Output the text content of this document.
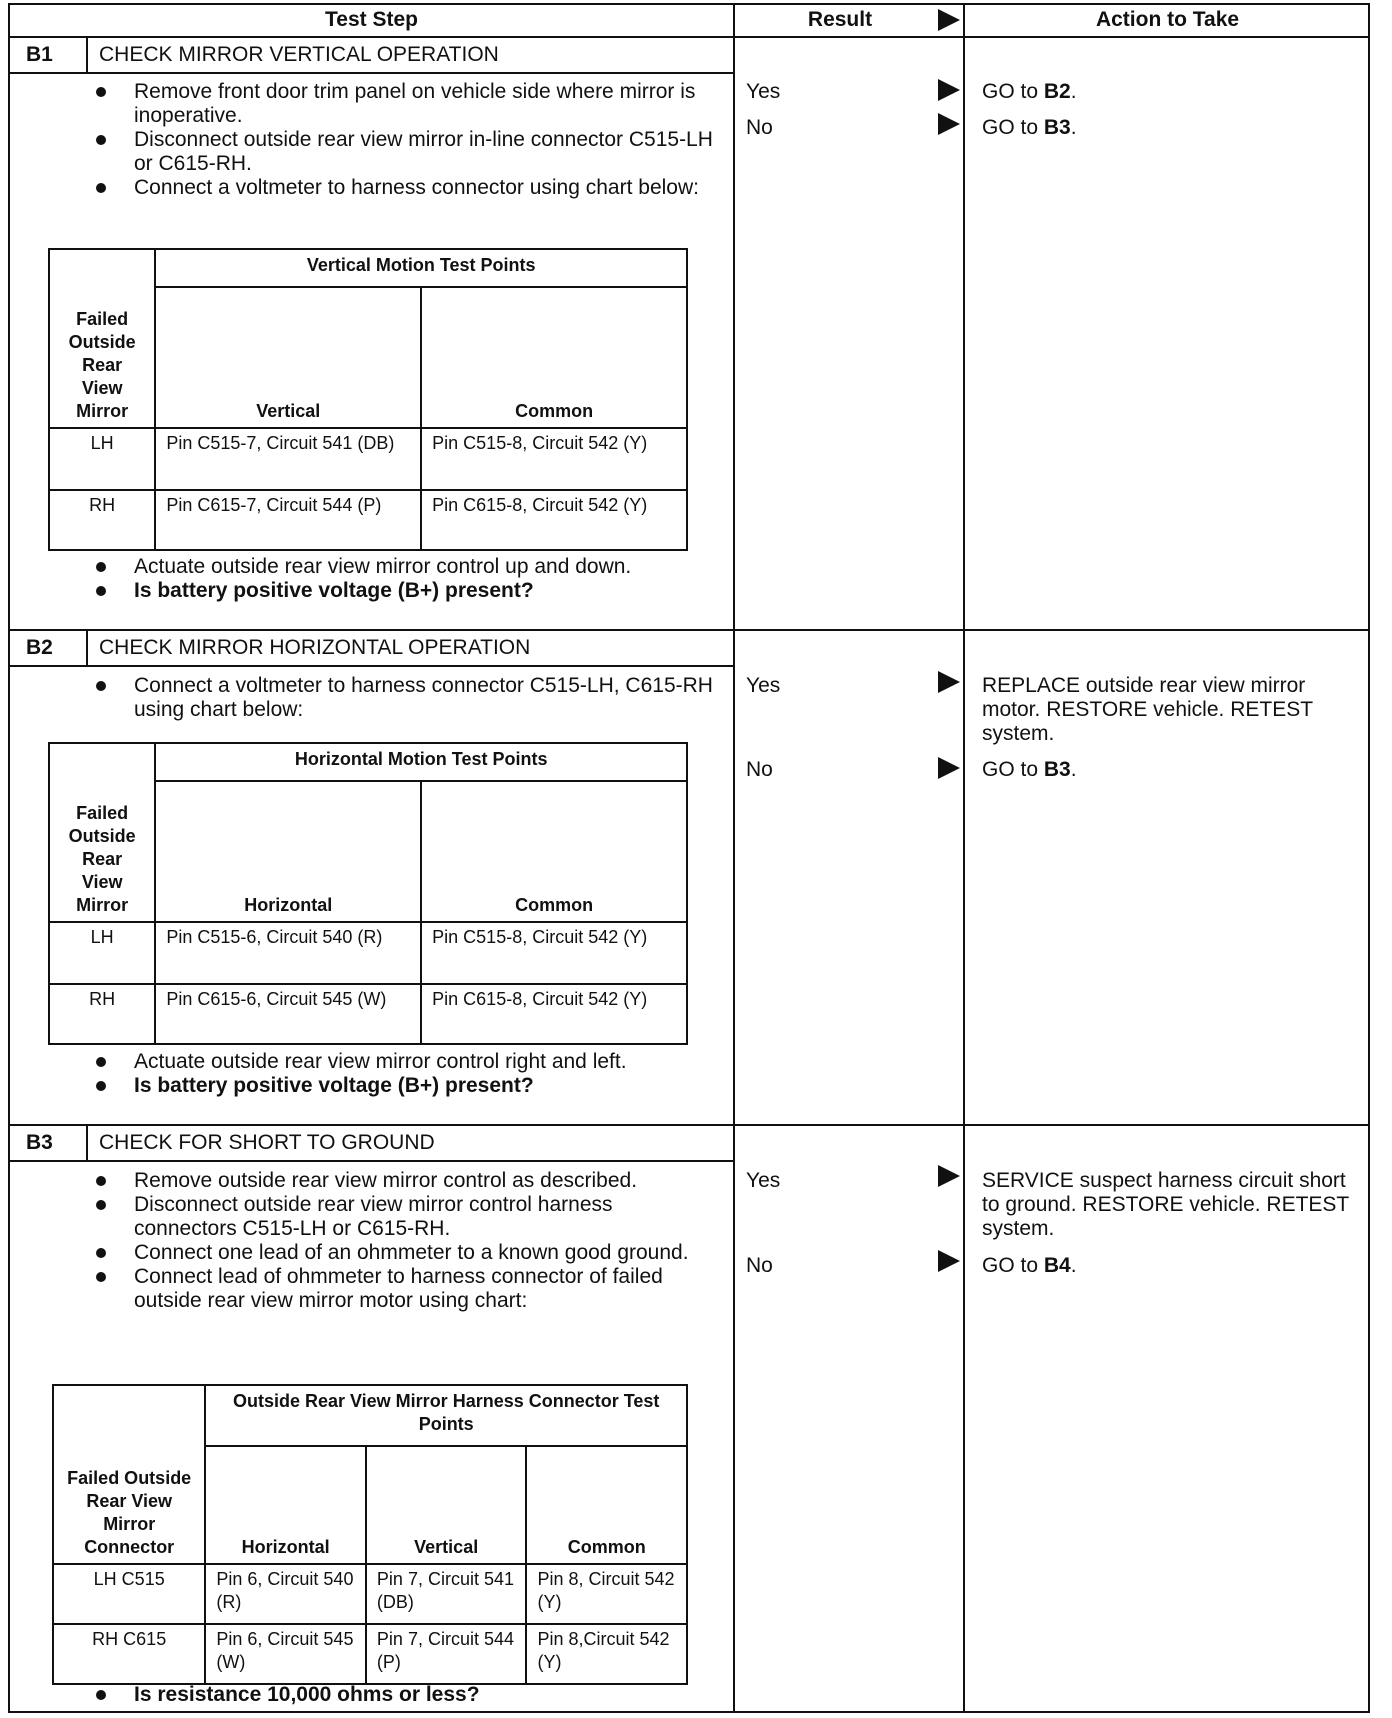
Test Step	Result	Action to Take
B1 CHECK MIRROR VERTICAL OPERATION
Remove front door trim panel on vehicle side where mirror is inoperative.
Disconnect outside rear view mirror in-line connector C515-LH or C615-RH.
Connect a voltmeter to harness connector using chart below:
Failed Outside Rear View Mirror	Vertical Motion Test Points	
	Vertical	Common
LH	Pin C515-7, Circuit 541 (DB)	Pin C515-8, Circuit 542 (Y)
RH	Pin C615-7, Circuit 544 (P)	Pin C615-8, Circuit 542 (Y)
Actuate outside rear view mirror control up and down.
Is battery positive voltage (B+) present?
Yes	GO to B2.
No	GO to B3.
B2 CHECK MIRROR HORIZONTAL OPERATION
Connect a voltmeter to harness connector C515-LH, C615-RH using chart below:
Failed Outside Rear View Mirror	Horizontal Motion Test Points	
	Horizontal	Common
LH	Pin C515-6, Circuit 540 (R)	Pin C515-8, Circuit 542 (Y)
RH	Pin C615-6, Circuit 545 (W)	Pin C615-8, Circuit 542 (Y)
Actuate outside rear view mirror control right and left.
Is battery positive voltage (B+) present?
Yes	REPLACE outside rear view mirror motor. RESTORE vehicle. RETEST system.
No	GO to B3.
B3 CHECK FOR SHORT TO GROUND
Remove outside rear view mirror control as described.
Disconnect outside rear view mirror control harness connectors C515-LH or C615-RH.
Connect one lead of an ohmmeter to a known good ground.
Connect lead of ohmmeter to harness connector of failed outside rear view mirror motor using chart:
Failed Outside Rear View Mirror Connector	Outside Rear View Mirror Harness Connector Test Points		
	Horizontal	Vertical	Common
LH C515	Pin 6, Circuit 540 (R)	Pin 7, Circuit 541 (DB)	Pin 8, Circuit 542 (Y)
RH C615	Pin 6, Circuit 545 (W)	Pin 7, Circuit 544 (P)	Pin 8,Circuit 542 (Y)
Is resistance 10,000 ohms or less?
Yes	SERVICE suspect harness circuit short to ground. RESTORE vehicle. RETEST system.
No	GO to B4.
